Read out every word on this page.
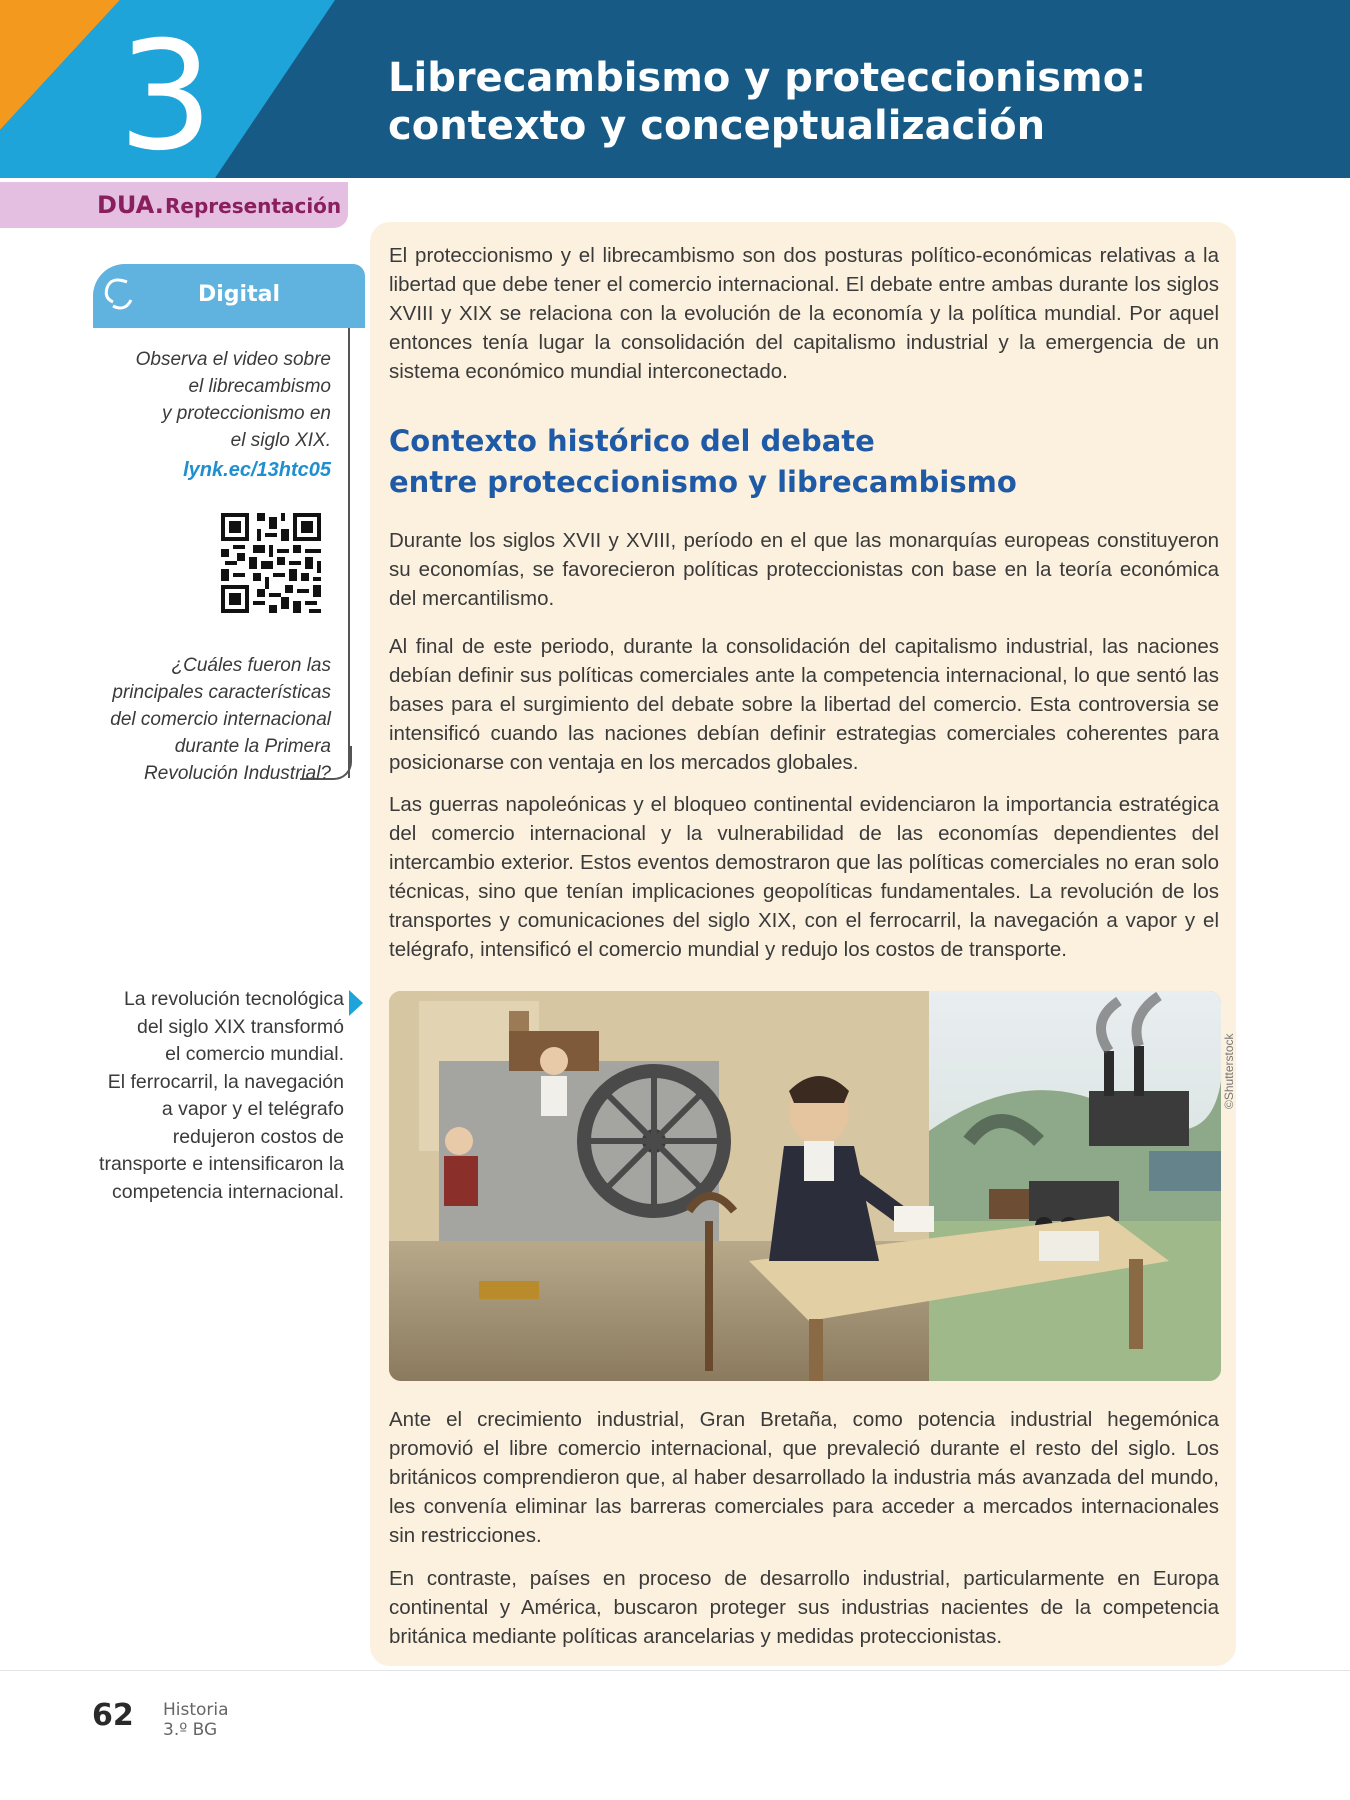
3	Librecambismo y proteccionismo:
contexto y conceptualización
DUA. Representación

El proteccionismo y el librecambismo son dos posturas político-económicas relativas a la libertad que debe tener el comercio internacional. El debate entre ambas durante los siglos XVIII y XIX se relaciona con la evolución de la economía y la política mundial. Por aquel entonces tenía lugar la consolidación del capitalismo industrial y la emergencia de un sistema económico mundial interconectado.

Contexto histórico del debate
entre proteccionismo y librecambismo

Durante los siglos XVII y XVIII, período en el que las monarquías europeas constituyeron su economías, se favorecieron políticas proteccionistas con base en la teoría económica del mercantilismo.

Al final de este periodo, durante la consolidación del capitalismo industrial, las naciones debían definir sus políticas comerciales ante la competencia internacional, lo que sentó las bases para el surgimiento del debate sobre la libertad del comercio. Esta controversia se intensificó cuando las naciones debían definir estrategias comerciales coherentes para posicionarse con ventaja en los mercados globales.

Las guerras napoleónicas y el bloqueo continental evidenciaron la importancia estratégica del comercio internacional y la vulnerabilidad de las economías dependientes del intercambio exterior. Estos eventos demostraron que las políticas comerciales no eran solo técnicas, sino que tenían implicaciones geopolíticas fundamentales. La revolución de los transportes y comunicaciones del siglo XIX, con el ferrocarril, la navegación a vapor y el telégrafo, intensificó el comercio mundial y redujo los costos de transporte.

©Shutterstock

Ante el crecimiento industrial, Gran Bretaña, como potencia industrial hegemónica promovió el libre comercio internacional, que prevaleció durante el resto del siglo. Los británicos comprendieron que, al haber desarrollado la industria más avanzada del mundo, les convenía eliminar las barreras comerciales para acceder a mercados internacionales sin restricciones.

En contraste, países en proceso de desarrollo industrial, particularmente en Europa continental y América, buscaron proteger sus industrias nacientes de la competencia británica mediante políticas arancelarias y medidas proteccionistas.

Digital
Observa el video sobre
el librecambismo
y proteccionismo en
el siglo XIX.
lynk.ec/13htc05
¿Cuáles fueron las
principales características
del comercio internacional
durante la Primera
Revolución Industrial?
La revolución tecnológica
del siglo XIX transformó
el comercio mundial.
El ferrocarril, la navegación
a vapor y el telégrafo
redujeron costos de
transporte e intensificaron la
competencia internacional.
62 Historia
3.º BG
